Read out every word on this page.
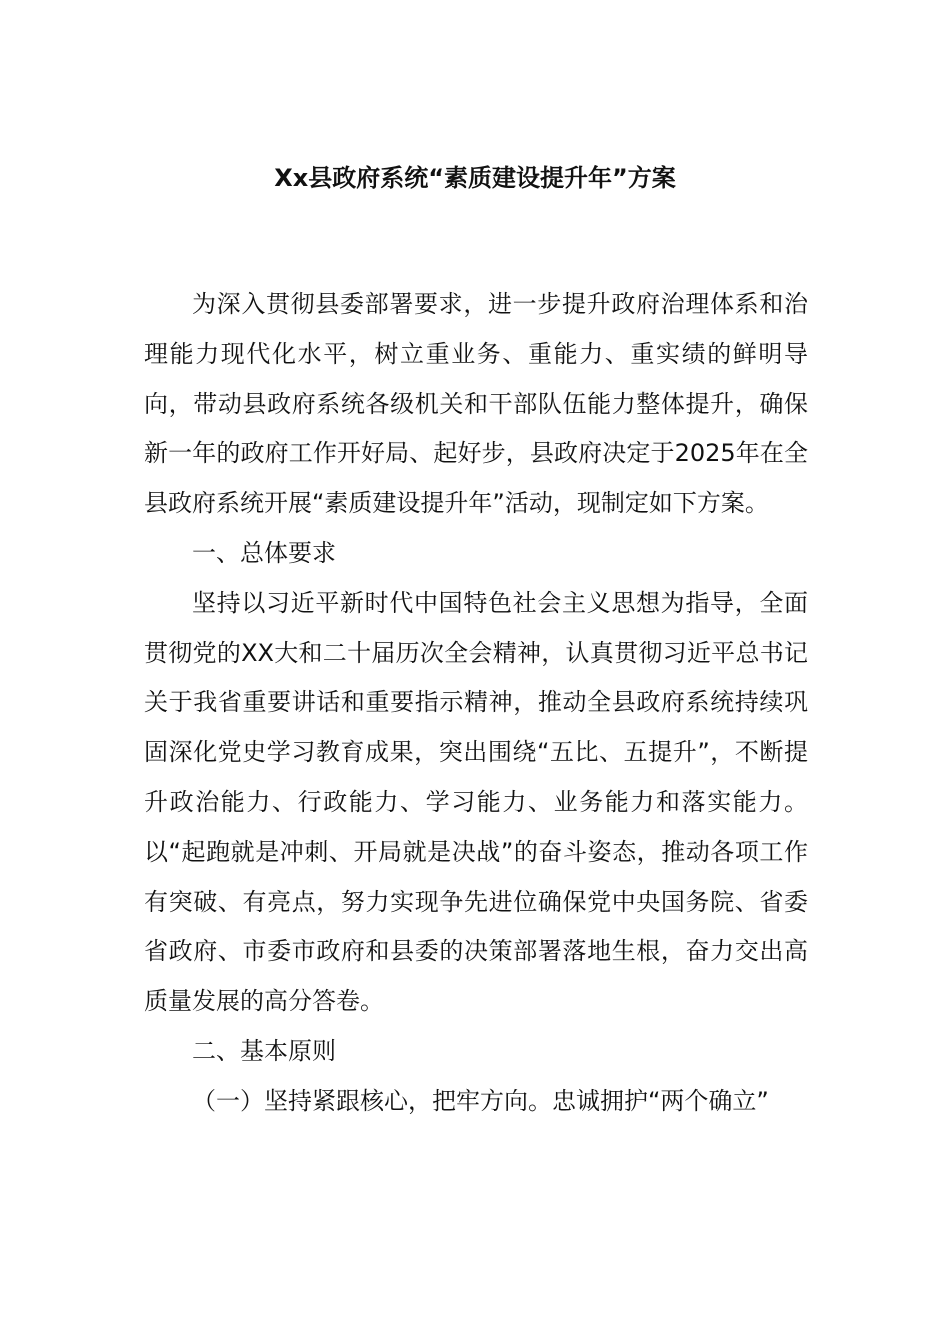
Xx县政府系统“素质建设提升年”方案

为深入贯彻县委部署要求，进一步提升政府治理体系和治理能力现代化水平，树立重业务、重能力、重实绩的鲜明导向，带动县政府系统各级机关和干部队伍能力整体提升，确保新一年的政府工作开好局、起好步，县政府决定于2025年在全县政府系统开展“素质建设提升年”活动，现制定如下方案。

一、总体要求

坚持以习近平新时代中国特色社会主义思想为指导，全面贯彻党的XX大和二十届历次全会精神，认真贯彻习近平总书记关于我省重要讲话和重要指示精神，推动全县政府系统持续巩固深化党史学习教育成果，突出围绕“五比、五提升”，不断提升政治能力、行政能力、学习能力、业务能力和落实能力。以“起跑就是冲刺、开局就是决战”的奋斗姿态，推动各项工作有突破、有亮点，努力实现争先进位确保党中央国务院、省委省政府、市委市政府和县委的决策部署落地生根，奋力交出高质量发展的高分答卷。

二、基本原则

（一）坚持紧跟核心，把牢方向。忠诚拥护“两个确立”
